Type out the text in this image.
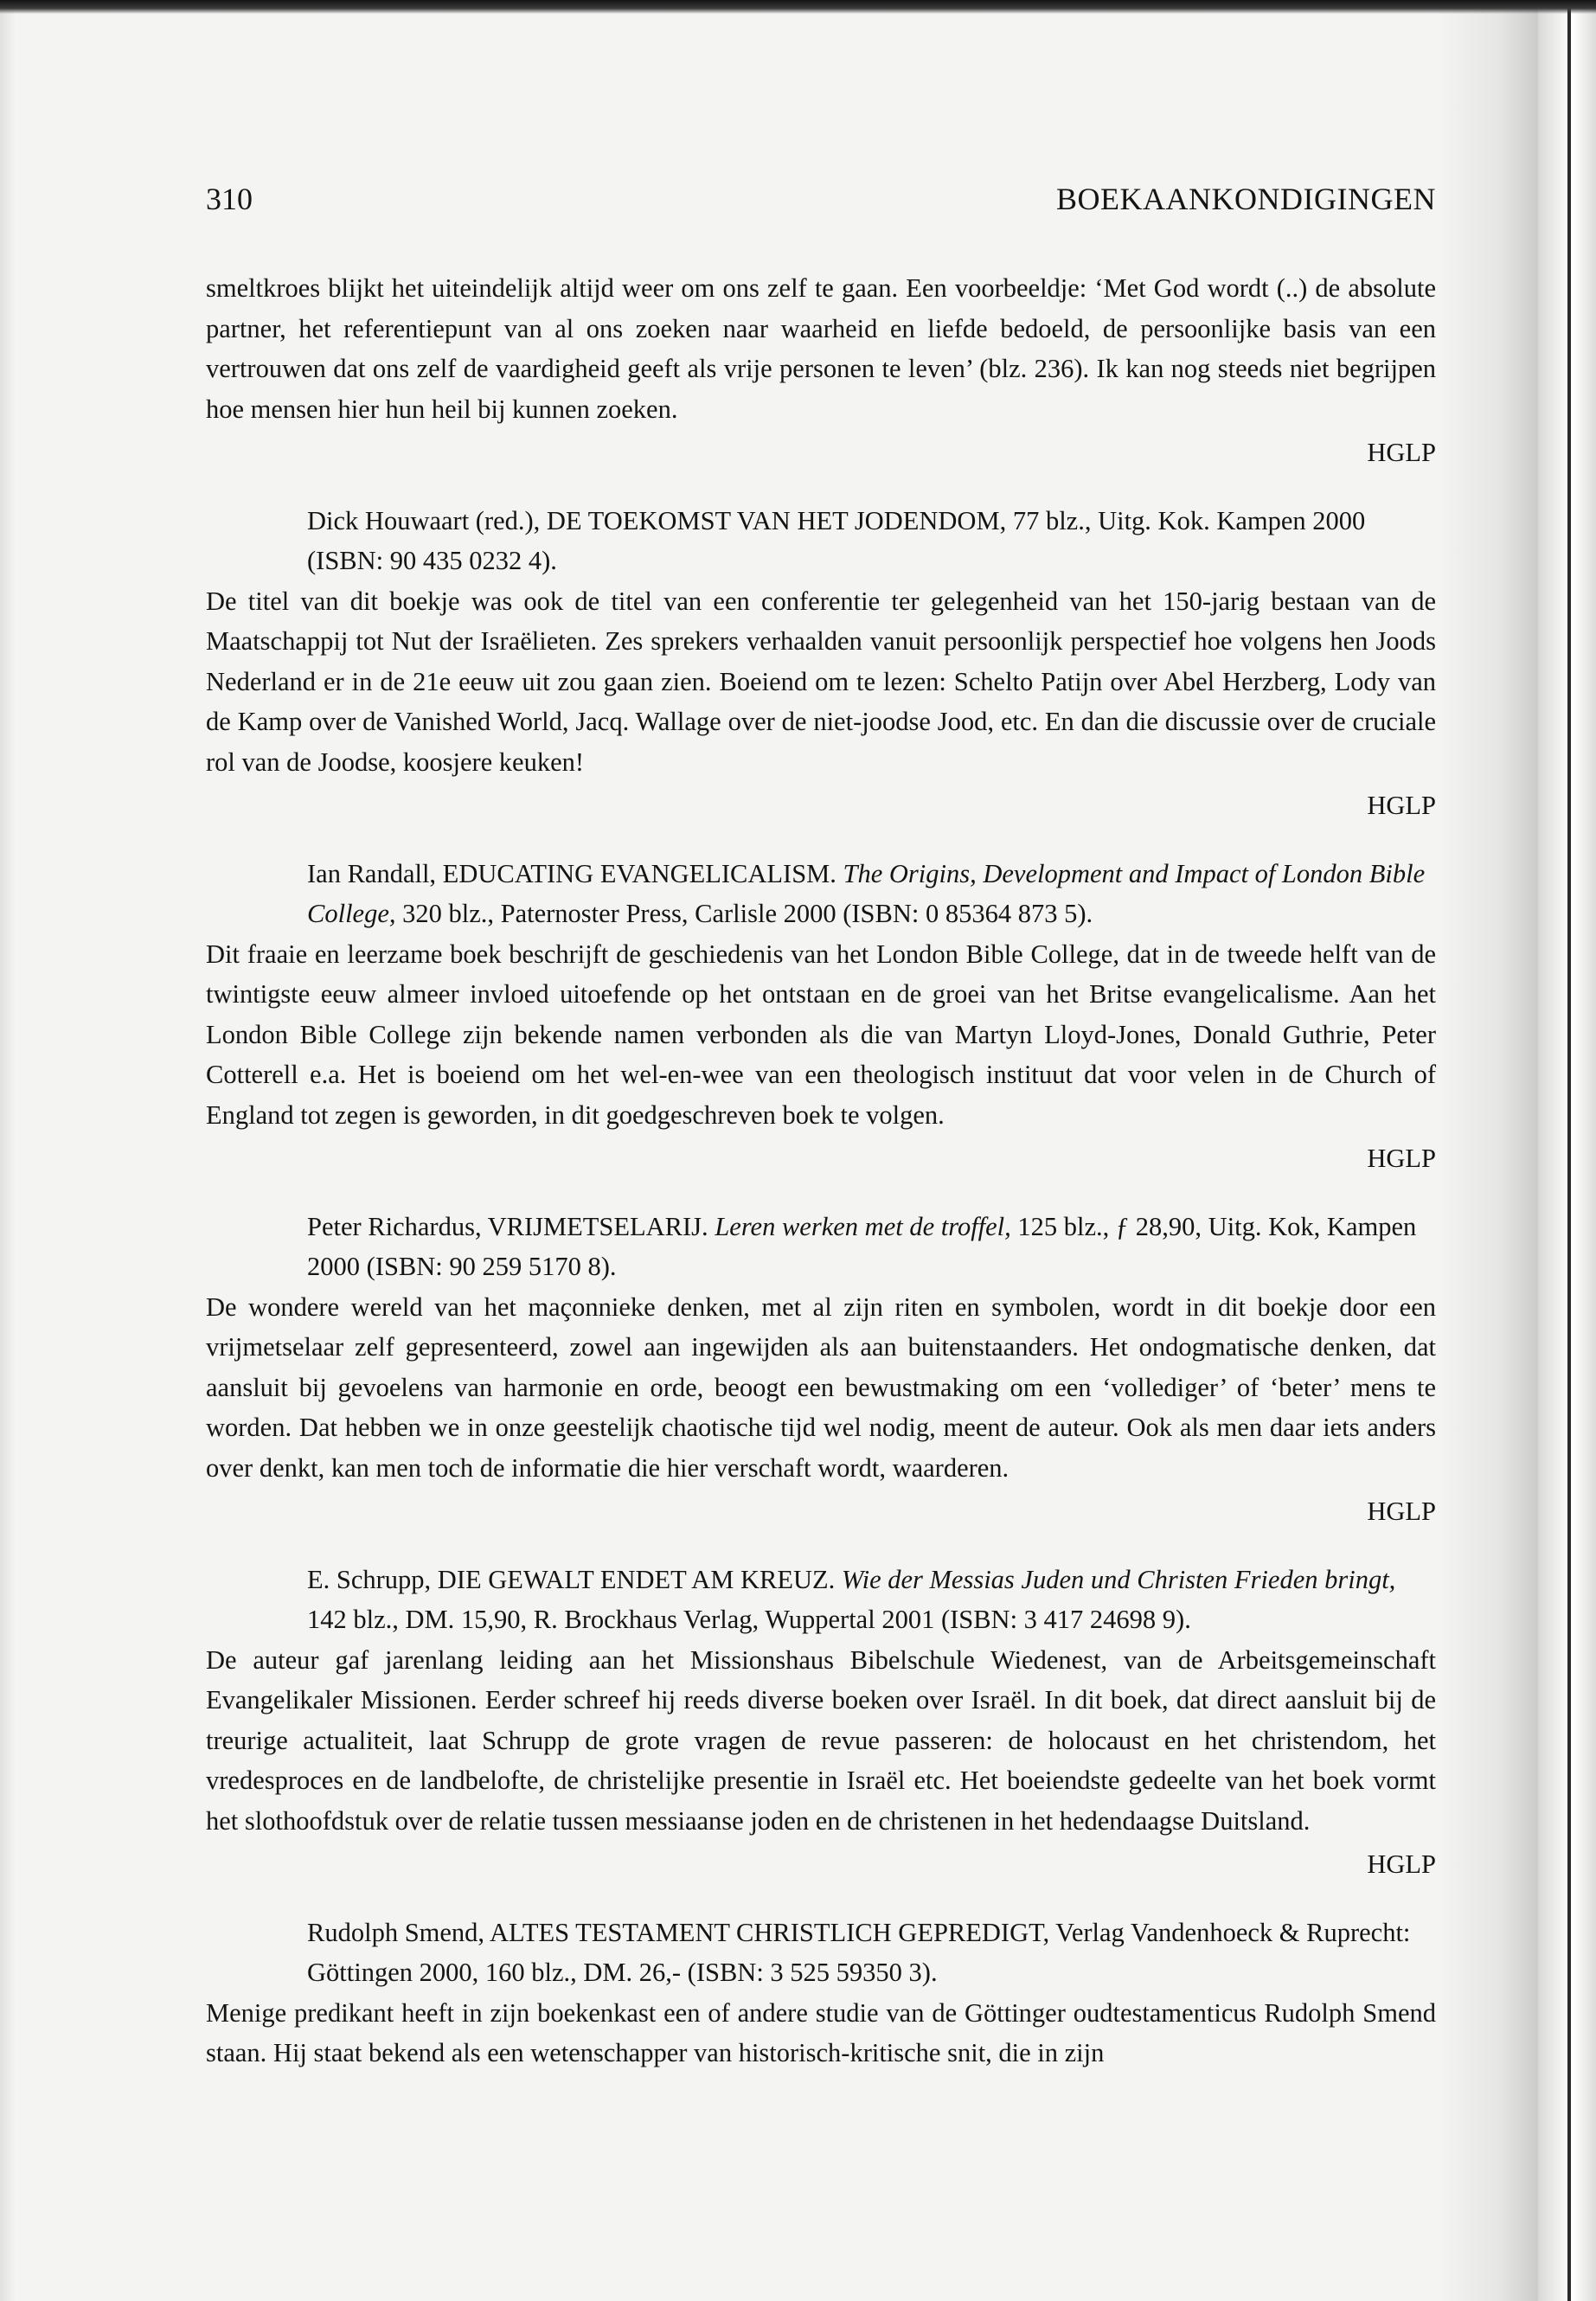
310	BOEKAANKONDIGINGEN

smeltkroes blijkt het uiteindelijk altijd weer om ons zelf te gaan. Een voorbeeldje: ‘Met God wordt (..) de absolute partner, het referentiepunt van al ons zoeken naar waarheid en liefde bedoeld, de persoonlijke basis van een vertrouwen dat ons zelf de vaardigheid geeft als vrije personen te leven’ (blz. 236). Ik kan nog steeds niet begrijpen hoe mensen hier hun heil bij kunnen zoeken.

HGLP

Dick Houwaart (red.), DE TOEKOMST VAN HET JODENDOM, 77 blz., Uitg. Kok. Kampen 2000 (ISBN: 90 435 0232 4).

De titel van dit boekje was ook de titel van een conferentie ter gelegenheid van het 150-jarig bestaan van de Maatschappij tot Nut der Israëlieten. Zes sprekers verhaalden vanuit persoonlijk perspectief hoe volgens hen Joods Nederland er in de 21e eeuw uit zou gaan zien. Boeiend om te lezen: Schelto Patijn over Abel Herzberg, Lody van de Kamp over de Vanished World, Jacq. Wallage over de niet-joodse Jood, etc. En dan die discussie over de cruciale rol van de Joodse, koosjere keuken!

HGLP

Ian Randall, EDUCATING EVANGELICALISM. The Origins, Development and Impact of London Bible College, 320 blz., Paternoster Press, Carlisle 2000 (ISBN: 0 85364 873 5).

Dit fraaie en leerzame boek beschrijft de geschiedenis van het London Bible College, dat in de tweede helft van de twintigste eeuw almeer invloed uitoefende op het ontstaan en de groei van het Britse evangelicalisme. Aan het London Bible College zijn bekende namen verbonden als die van Martyn Lloyd-Jones, Donald Guthrie, Peter Cotterell e.a. Het is boeiend om het wel-en-wee van een theologisch instituut dat voor velen in de Church of England tot zegen is geworden, in dit goedgeschreven boek te volgen.

HGLP

Peter Richardus, VRIJMETSELARIJ. Leren werken met de troffel, 125 blz., ƒ 28,90, Uitg. Kok, Kampen 2000 (ISBN: 90 259 5170 8).

De wondere wereld van het maçonnieke denken, met al zijn riten en symbolen, wordt in dit boekje door een vrijmetselaar zelf gepresenteerd, zowel aan ingewijden als aan buitenstaanders. Het ondogmatische denken, dat aansluit bij gevoelens van harmonie en orde, beoogt een bewustmaking om een ‘vollediger’ of ‘beter’ mens te worden. Dat hebben we in onze geestelijk chaotische tijd wel nodig, meent de auteur. Ook als men daar iets anders over denkt, kan men toch de informatie die hier verschaft wordt, waarderen.

HGLP

E. Schrupp, DIE GEWALT ENDET AM KREUZ. Wie der Messias Juden und Christen Frieden bringt, 142 blz., DM. 15,90, R. Brockhaus Verlag, Wuppertal 2001 (ISBN: 3 417 24698 9).

De auteur gaf jarenlang leiding aan het Missionshaus Bibelschule Wiedenest, van de Arbeitsgemeinschaft Evangelikaler Missionen. Eerder schreef hij reeds diverse boeken over Israël. In dit boek, dat direct aansluit bij de treurige actualiteit, laat Schrupp de grote vragen de revue passeren: de holocaust en het christendom, het vredesproces en de landbelofte, de christelijke presentie in Israël etc. Het boeiendste gedeelte van het boek vormt het slothoofdstuk over de relatie tussen messiaanse joden en de christenen in het hedendaagse Duitsland.

HGLP

Rudolph Smend, ALTES TESTAMENT CHRISTLICH GEPREDIGT, Verlag Vandenhoeck & Ruprecht: Göttingen 2000, 160 blz., DM. 26,- (ISBN: 3 525 59350 3).

Menige predikant heeft in zijn boekenkast een of andere studie van de Göttinger oudtestamenticus Rudolph Smend staan. Hij staat bekend als een wetenschapper van historisch-kritische snit, die in zijn
